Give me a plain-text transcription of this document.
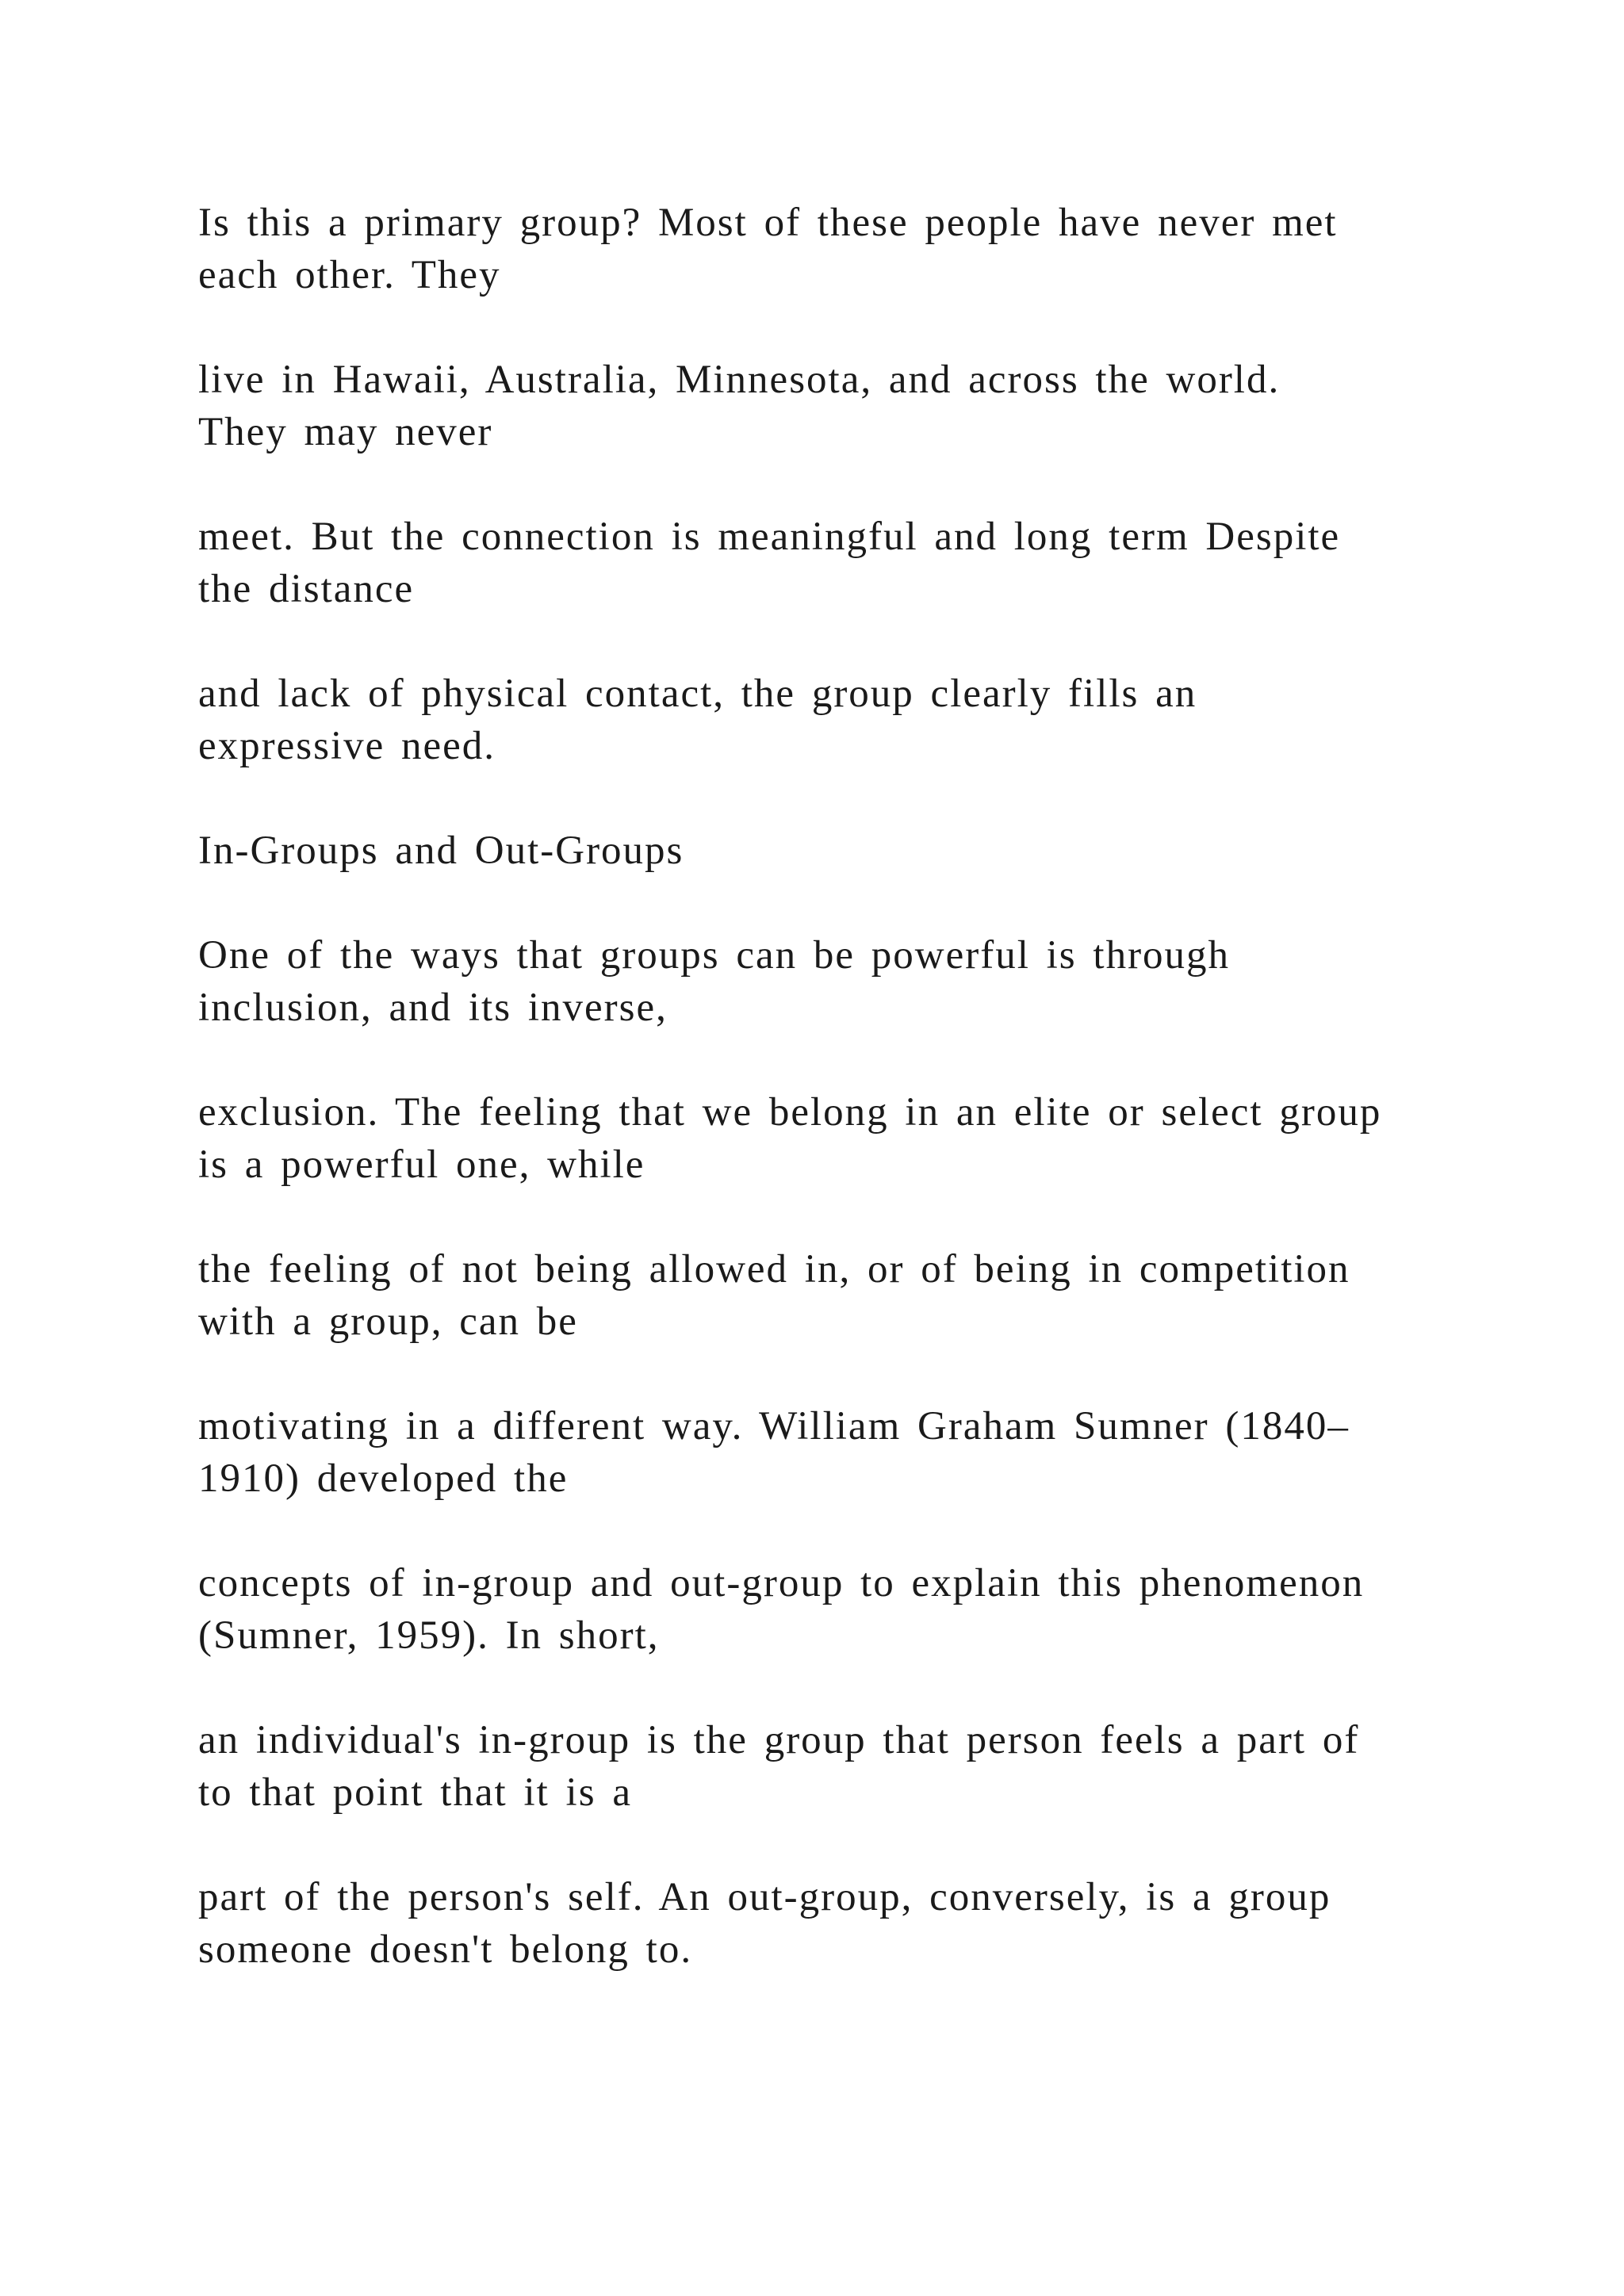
Is this a primary group? Most of these people have never met
each other. They

live in Hawaii, Australia, Minnesota, and across the world.
They may never

meet. But the connection is meaningful and long term Despite
the distance

and lack of physical contact, the group clearly fills an
expressive need.

In-Groups and Out-Groups

One of the ways that groups can be powerful is through
inclusion, and its inverse,

exclusion. The feeling that we belong in an elite or select group
is a powerful one, while

the feeling of not being allowed in, or of being in competition
with a group, can be

motivating in a different way. William Graham Sumner (1840–
1910) developed the

concepts of in-group and out-group to explain this phenomenon
(Sumner, 1959). In short,

an individual's in-group is the group that person feels a part of
to that point that it is a

part of the person's self. An out-group, conversely, is a group
someone doesn't belong to.
